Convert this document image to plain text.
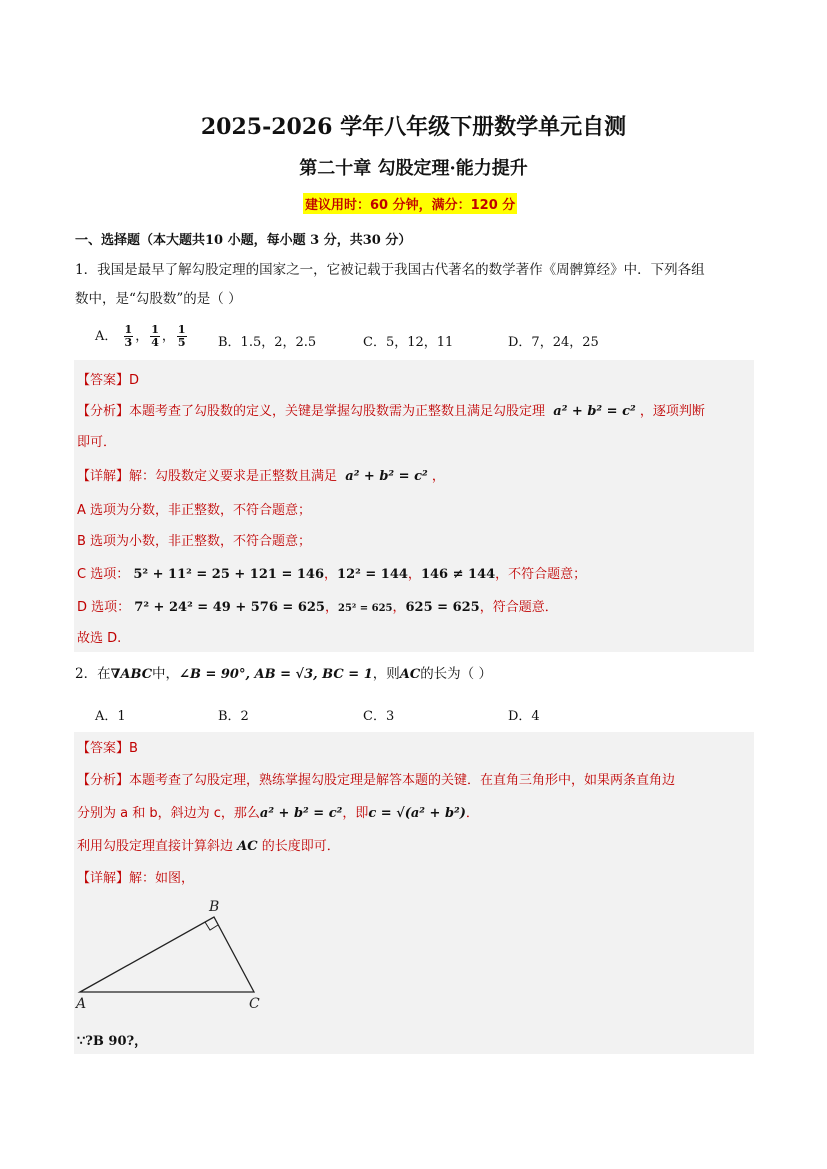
2025-2026 学年八年级下册数学单元自测
第二十章 勾股定理·能力提升
建议用时：60 分钟，满分：120 分
一、选择题（本大题共10 小题，每小题 3 分，共30 分）
1．我国是最早了解勾股定理的国家之一，它被记载于我国古代著名的数学著作《周髀算经》中．下列各组
数中，是“勾股数”的是（ ）
A． $\frac{1}{3}$ ， $\frac{1}{4}$ ， $\frac{1}{5}$ B．1.5，2，2.5	C．5，12，11	D．7，24，25
【答案】D
【分析】本题考查了勾股数的定义，关键是掌握勾股数需为正整数且满足勾股定理 a² + b² = c² ，逐项判断
即可．
【详解】解：勾股数定义要求是正整数且满足 a² + b² = c² ，
A 选项为分数，非正整数，不符合题意；
B 选项为小数，非正整数，不符合题意；
C 选项： 5² + 11² = 25 + 121 = 146，12² = 144，146 ≠ 144，不符合题意；
D 选项： 7² + 24² = 49 + 576 = 625，25² = 625，625 = 625，符合题意．
故选 D.
2．在∇ABC中，∠B = 90°, AB = √3, BC = 1，则AC的长为（ ）
A．1	B．2	C．3	D．4
【答案】B
【分析】本题考查了勾股定理，熟练掌握勾股定理是解答本题的关键．在直角三角形中，如果两条直角边
分别为 a 和 b，斜边为 c，那么a² + b² = c²，即c = √(a² + b²)．
利用勾股定理直接计算斜边 AC 的长度即可．
【详解】解：如图，
A
B
C
∵?B 90?，
